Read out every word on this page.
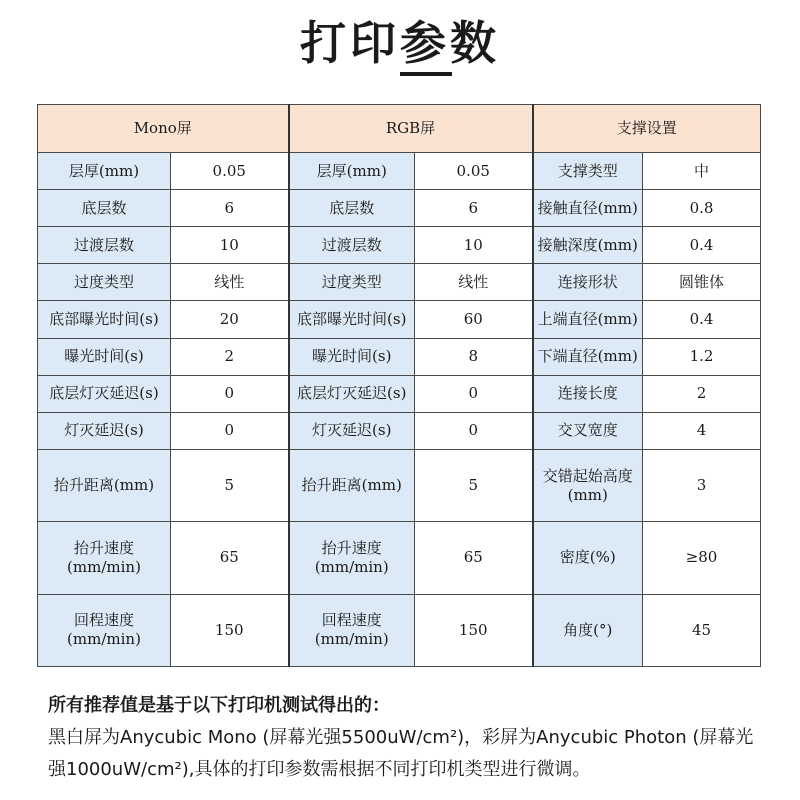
打印参数
Mono屏		RGB屏		支撑设置	
层厚(mm)	0.05	层厚(mm)	0.05	支撑类型	中
底层数	6	底层数	6	接触直径(mm)	0.8
过渡层数	10	过渡层数	10	接触深度(mm)	0.4
过度类型	线性	过度类型	线性	连接形状	圆锥体
底部曝光时间(s)	20	底部曝光时间(s)	60	上端直径(mm)	0.4
曝光时间(s)	2	曝光时间(s)	8	下端直径(mm)	1.2
底层灯灭延迟(s)	0	底层灯灭延迟(s)	0	连接长度	2
灯灭延迟(s)	0	灯灭延迟(s)	0	交叉宽度	4
抬升距离(mm)	5	抬升距离(mm)	5	交错起始高度(mm)	3
抬升速度(mm/min)	65	抬升速度(mm/min)	65	密度(%)	≥80
回程速度(mm/min)	150	回程速度(mm/min)	150	角度(°)	45
所有推荐值是基于以下打印机测试得出的：
黑白屏为Anycubic Mono (屏幕光强5500uW/cm²)，彩屏为Anycubic Photon (屏幕光强1000uW/cm²),具体的打印参数需根据不同打印机类型进行微调。
